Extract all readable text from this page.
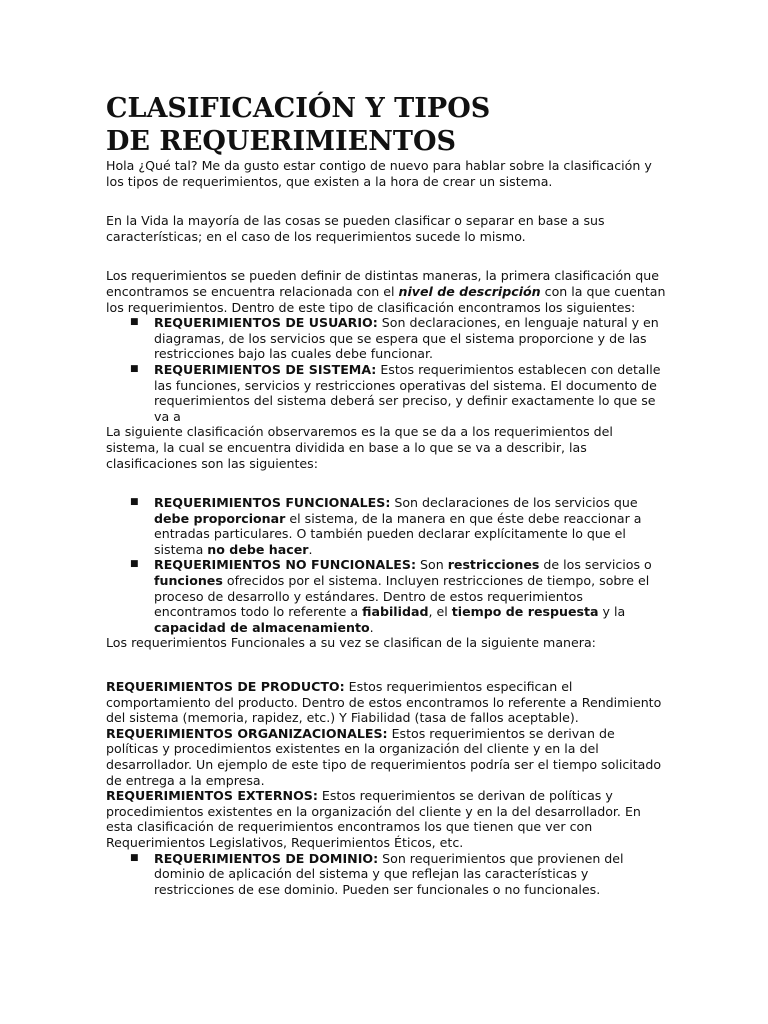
CLASIFICACIÓN Y TIPOS
DE REQUERIMIENTOS

Hola ¿Qué tal? Me da gusto estar contigo de nuevo para hablar sobre la clasificación y los tipos de requerimientos, que existen a la hora de crear un sistema.

En la Vida la mayoría de las cosas se pueden clasificar o separar en base a sus características; en el caso de los requerimientos sucede lo mismo.

Los requerimientos se pueden definir de distintas maneras, la primera clasificación que encontramos se encuentra relacionada con el nivel de descripción con la que cuentan los requerimientos. Dentro de este tipo de clasificación encontramos los siguientes:

■ REQUERIMIENTOS DE USUARIO: Son declaraciones, en lenguaje natural y en diagramas, de los servicios que se espera que el sistema proporcione y de las restricciones bajo las cuales debe funcionar.
■ REQUERIMIENTOS DE SISTEMA: Estos requerimientos establecen con detalle las funciones, servicios y restricciones operativas del sistema. El documento de requerimientos del sistema deberá ser preciso, y definir exactamente lo que se va a

La siguiente clasificación observaremos es la que se da a los requerimientos del sistema, la cual se encuentra dividida en base a lo que se va a describir, las clasificaciones son las siguientes:

■ REQUERIMIENTOS FUNCIONALES: Son declaraciones de los servicios que debe proporcionar el sistema, de la manera en que éste debe reaccionar a entradas particulares. O también pueden declarar explícitamente lo que el sistema no debe hacer.
■ REQUERIMIENTOS NO FUNCIONALES: Son restricciones de los servicios o funciones ofrecidos por el sistema. Incluyen restricciones de tiempo, sobre el proceso de desarrollo y estándares. Dentro de estos requerimientos encontramos todo lo referente a fiabilidad, el tiempo de respuesta y la capacidad de almacenamiento.

Los requerimientos Funcionales a su vez se clasifican de la siguiente manera:

REQUERIMIENTOS DE PRODUCTO: Estos requerimientos especifican el comportamiento del producto. Dentro de estos encontramos lo referente a Rendimiento del sistema (memoria, rapidez, etc.) Y Fiabilidad (tasa de fallos aceptable).

REQUERIMIENTOS ORGANIZACIONALES: Estos requerimientos se derivan de políticas y procedimientos existentes en la organización del cliente y en la del desarrollador. Un ejemplo de este tipo de requerimientos podría ser el tiempo solicitado de entrega a la empresa.

REQUERIMIENTOS EXTERNOS: Estos requerimientos se derivan de políticas y procedimientos existentes en la organización del cliente y en la del desarrollador. En esta clasificación de requerimientos encontramos los que tienen que ver con Requerimientos Legislativos, Requerimientos Éticos, etc.

■ REQUERIMIENTOS DE DOMINIO: Son requerimientos que provienen del dominio de aplicación del sistema y que reflejan las características y restricciones de ese dominio. Pueden ser funcionales o no funcionales.
